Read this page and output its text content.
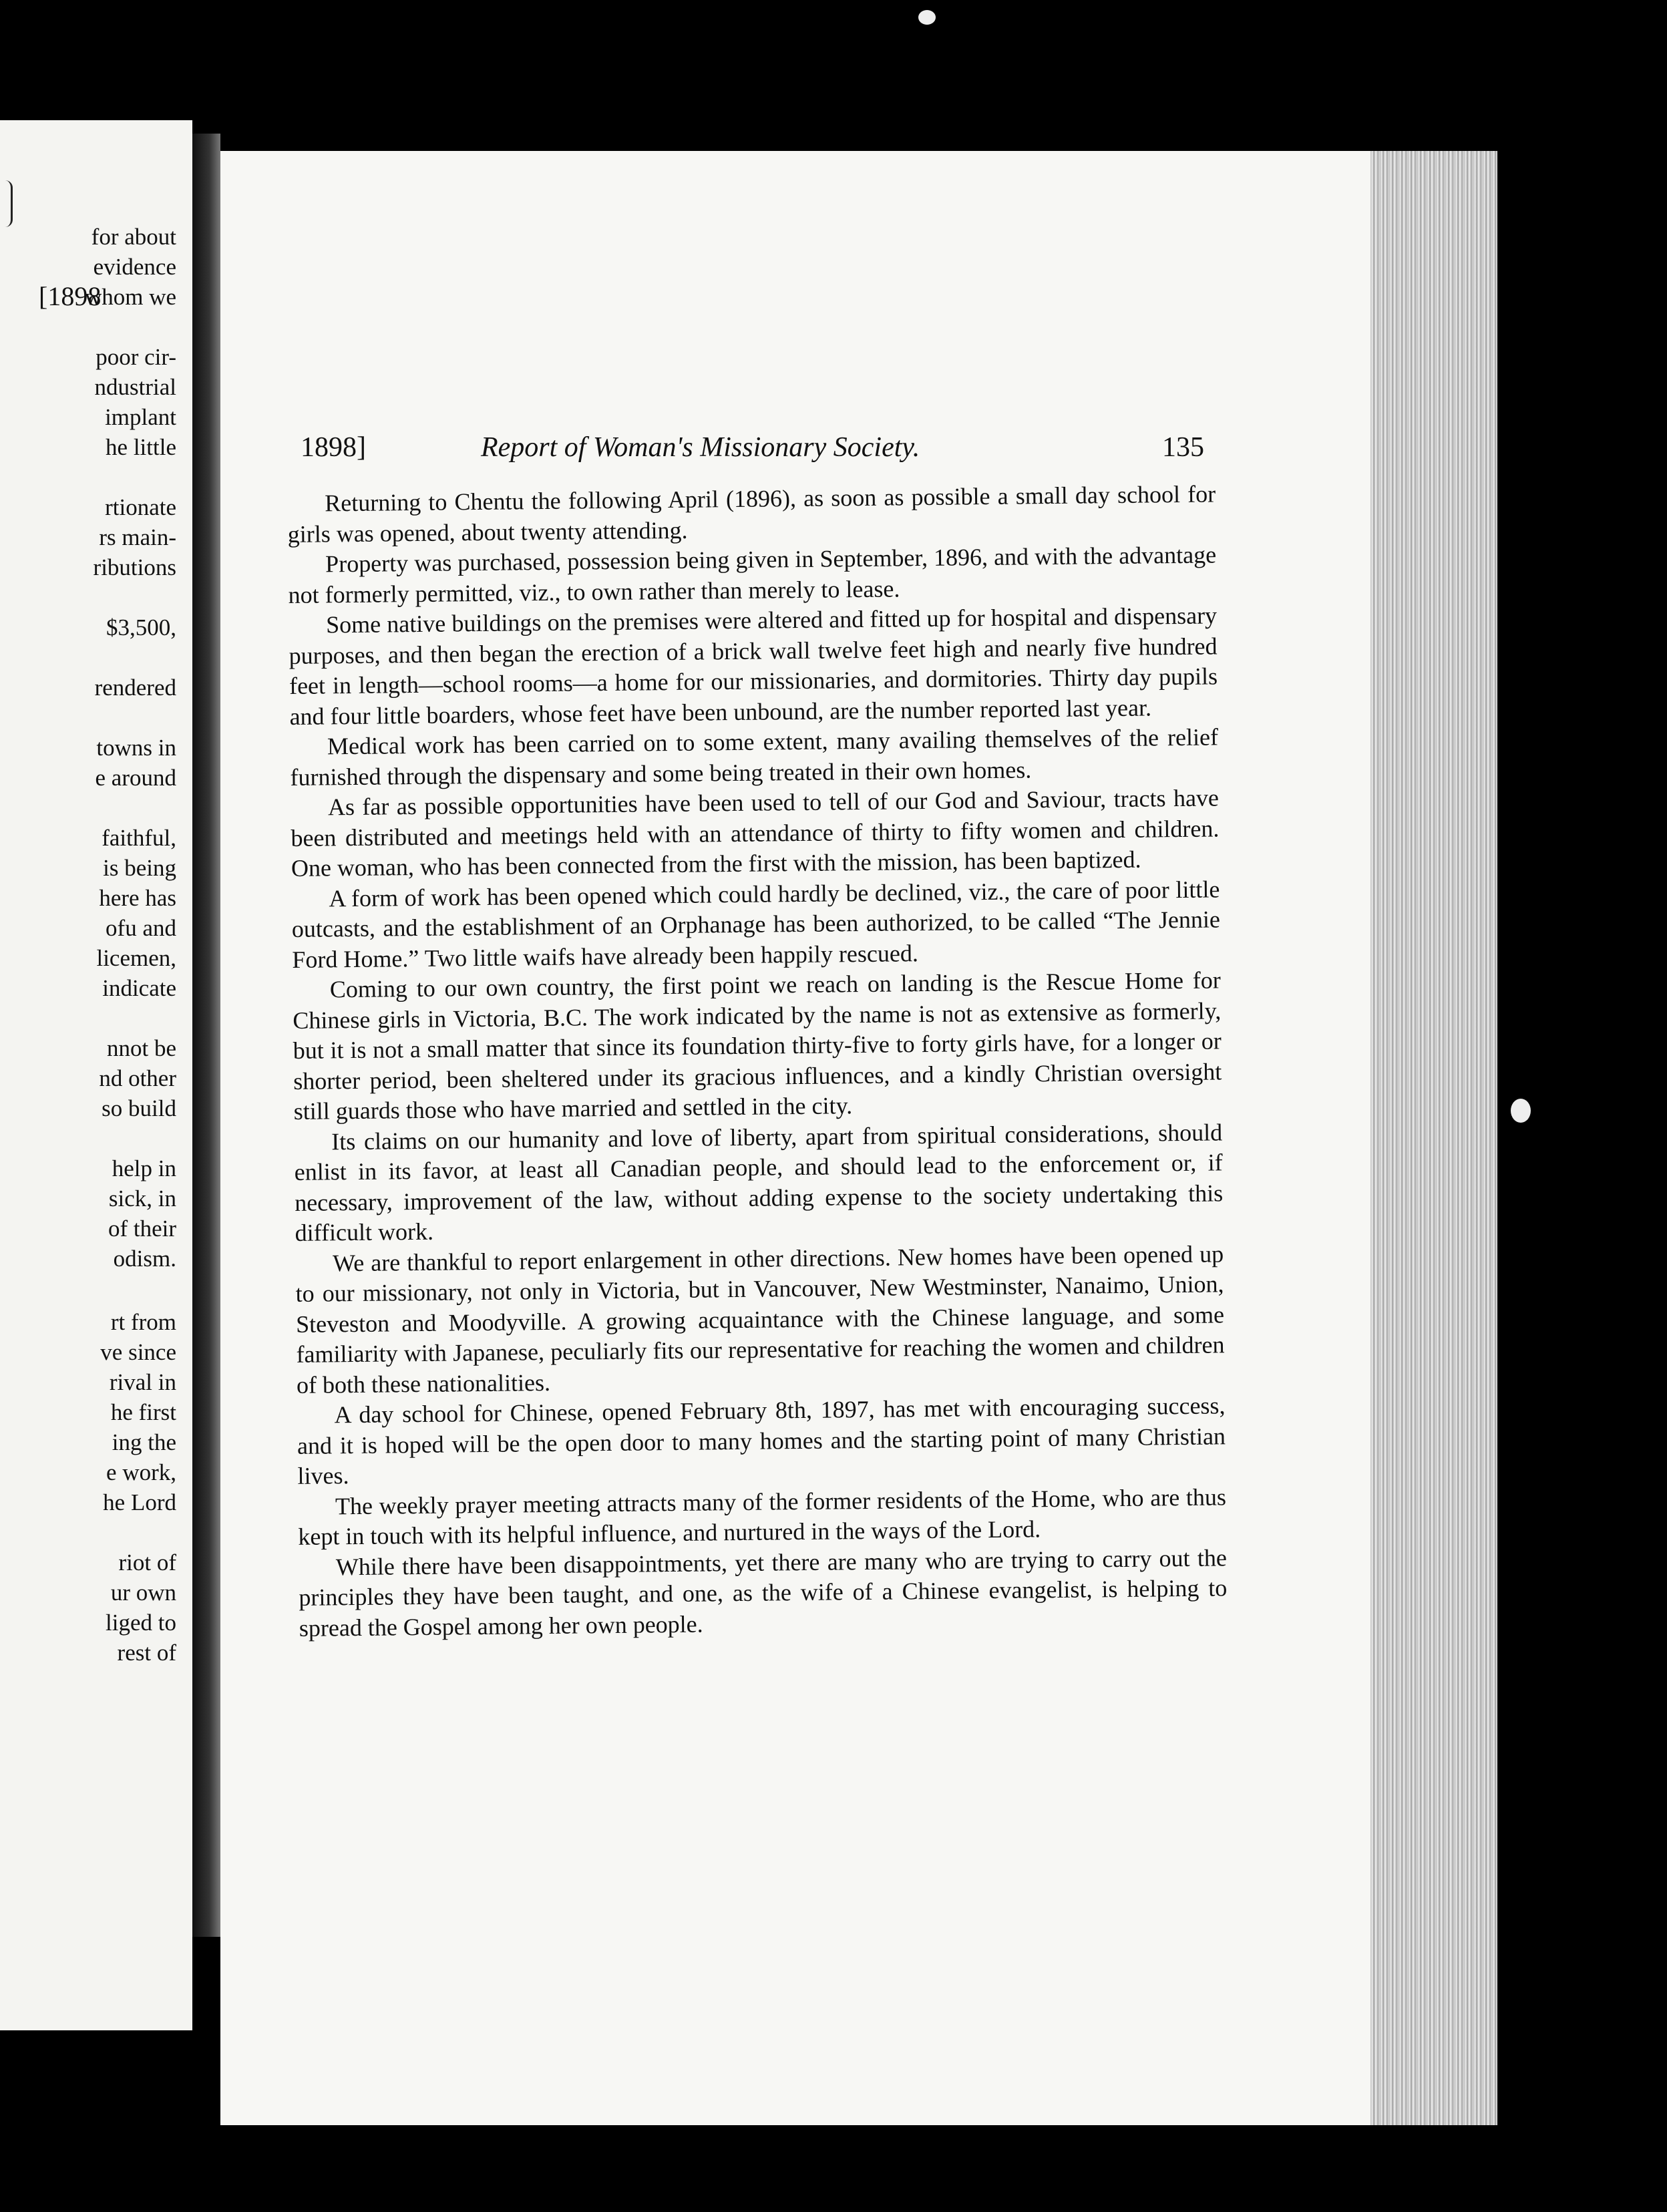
[1898
for about
evidence
whom we
poor cir-
ndustrial
implant
he little
rtionate
rs main-
ributions
$3,500,
rendered
towns in
e around
faithful,
is being
here has
ofu and
licemen,
indicate
nnot be
nd other
so build
help in
sick, in
of their
odism.
rt from
ve since
rival in
he first
ing the
e work,
he Lord
riot of
ur own
liged to
rest of
1898]	Report of Woman's Missionary Society.	135

Returning to Chentu the following April (1896), as soon as possible a small day school for girls was opened, about twenty attending.

Property was purchased, possession being given in September, 1896, and with the advantage not formerly permitted, viz., to own rather than merely to lease.

Some native buildings on the premises were altered and fitted up for hospital and dispensary purposes, and then began the erection of a brick wall twelve feet high and nearly five hundred feet in length—school rooms—a home for our missionaries, and dormitories. Thirty day pupils and four little boarders, whose feet have been unbound, are the number reported last year.

Medical work has been carried on to some extent, many availing themselves of the relief furnished through the dispensary and some being treated in their own homes.

As far as possible opportunities have been used to tell of our God and Saviour, tracts have been distributed and meetings held with an attendance of thirty to fifty women and children. One woman, who has been connected from the first with the mission, has been baptized.

A form of work has been opened which could hardly be declined, viz., the care of poor little outcasts, and the establishment of an Orphanage has been authorized, to be called “The Jennie Ford Home.” Two little waifs have already been happily rescued.

Coming to our own country, the first point we reach on landing is the Rescue Home for Chinese girls in Victoria, B.C. The work indicated by the name is not as extensive as formerly, but it is not a small matter that since its foundation thirty-five to forty girls have, for a longer or shorter period, been sheltered under its gracious influences, and a kindly Christian oversight still guards those who have married and settled in the city.

Its claims on our humanity and love of liberty, apart from spiritual considerations, should enlist in its favor, at least all Canadian people, and should lead to the enforcement or, if necessary, improvement of the law, without adding expense to the society undertaking this difficult work.

We are thankful to report enlargement in other directions. New homes have been opened up to our missionary, not only in Victoria, but in Vancouver, New Westminster, Nanaimo, Union, Steveston and Moodyville. A growing acquaintance with the Chinese language, and some familiarity with Japanese, peculiarly fits our representative for reaching the women and children of both these nationalities.

A day school for Chinese, opened February 8th, 1897, has met with encouraging success, and it is hoped will be the open door to many homes and the starting point of many Christian lives.

The weekly prayer meeting attracts many of the former residents of the Home, who are thus kept in touch with its helpful influence, and nurtured in the ways of the Lord.

While there have been disappointments, yet there are many who are trying to carry out the principles they have been taught, and one, as the wife of a Chinese evangelist, is helping to spread the Gospel among her own people.
